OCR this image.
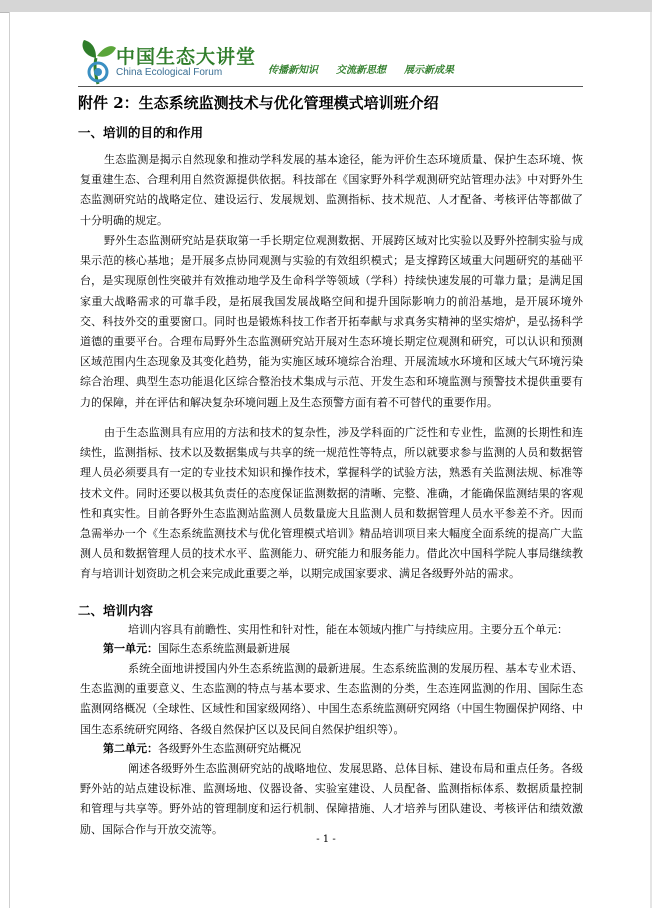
中国生态大讲堂
China Ecological Forum	传播新知识 交流新思想 展示新成果
附件 2：生态系统监测技术与优化管理模式培训班介绍
一、培训的目的和作用
生态监测是揭示自然现象和推动学科发展的基本途径，能为评价生态环境质量、保护生态环境、恢复重建生态、合理利用自然资源提供依据。科技部在《国家野外科学观测研究站管理办法》中对野外生态监测研究站的战略定位、建设运行、发展规划、监测指标、技术规范、人才配备、考核评估等都做了十分明确的规定。
野外生态监测研究站是获取第一手长期定位观测数据、开展跨区域对比实验以及野外控制实验与成果示范的核心基地；是开展多点协同观测与实验的有效组织模式；是支撑跨区域重大问题研究的基础平台，是实现原创性突破并有效推动地学及生命科学等领域（学科）持续快速发展的可靠力量；是满足国家重大战略需求的可靠手段，是拓展我国发展战略空间和提升国际影响力的前沿基地，是开展环境外交、科技外交的重要窗口。同时也是锻炼科技工作者开拓奉献与求真务实精神的坚实熔炉，是弘扬科学道德的重要平台。合理布局野外生态监测研究站开展对生态环境长期定位观测和研究，可以认识和预测区域范围内生态现象及其变化趋势，能为实施区域环境综合治理、开展流域水环境和区域大气环境污染综合治理、典型生态功能退化区综合整治技术集成与示范、开发生态和环境监测与预警技术提供重要有力的保障，并在评估和解决复杂环境问题上及生态预警方面有着不可替代的重要作用。
由于生态监测具有应用的方法和技术的复杂性，涉及学科面的广泛性和专业性，监测的长期性和连续性，监测指标、技术以及数据集成与共享的统一规范性等特点，所以就要求参与监测的人员和数据管理人员必须要具有一定的专业技术知识和操作技术，掌握科学的试验方法，熟悉有关监测法规、标准等技术文件。同时还要以极其负责任的态度保证监测数据的清晰、完整、准确，才能确保监测结果的客观性和真实性。目前各野外生态监测站监测人员数量庞大且监测人员和数据管理人员水平参差不齐。因而急需举办一个《生态系统监测技术与优化管理模式培训》精品培训项目来大幅度全面系统的提高广大监测人员和数据管理人员的技术水平、监测能力、研究能力和服务能力。借此次中国科学院人事局继续教育与培训计划资助之机会来完成此重要之举，以期完成国家要求、满足各级野外站的需求。
二、培训内容
培训内容具有前瞻性、实用性和针对性，能在本领域内推广与持续应用。主要分五个单元：
第一单元：国际生态系统监测最新进展
系统全面地讲授国内外生态系统监测的最新进展。生态系统监测的发展历程、基本专业术语、生态监测的重要意义、生态监测的特点与基本要求、生态监测的分类，生态连网监测的作用、国际生态监测网络概况（全球性、区域性和国家级网络）、中国生态系统监测研究网络（中国生物圈保护网络、中国生态系统研究网络、各级自然保护区以及民间自然保护组织等）。
第二单元：各级野外生态监测研究站概况
阐述各级野外生态监测研究站的战略地位、发展思路、总体目标、建设布局和重点任务。各级野外站的站点建设标准、监测场地、仪器设备、实验室建设、人员配备、监测指标体系、数据质量控制和管理与共享等。野外站的管理制度和运行机制、保障措施、人才培养与团队建设、考核评估和绩效激励、国际合作与开放交流等。
- 1 -
